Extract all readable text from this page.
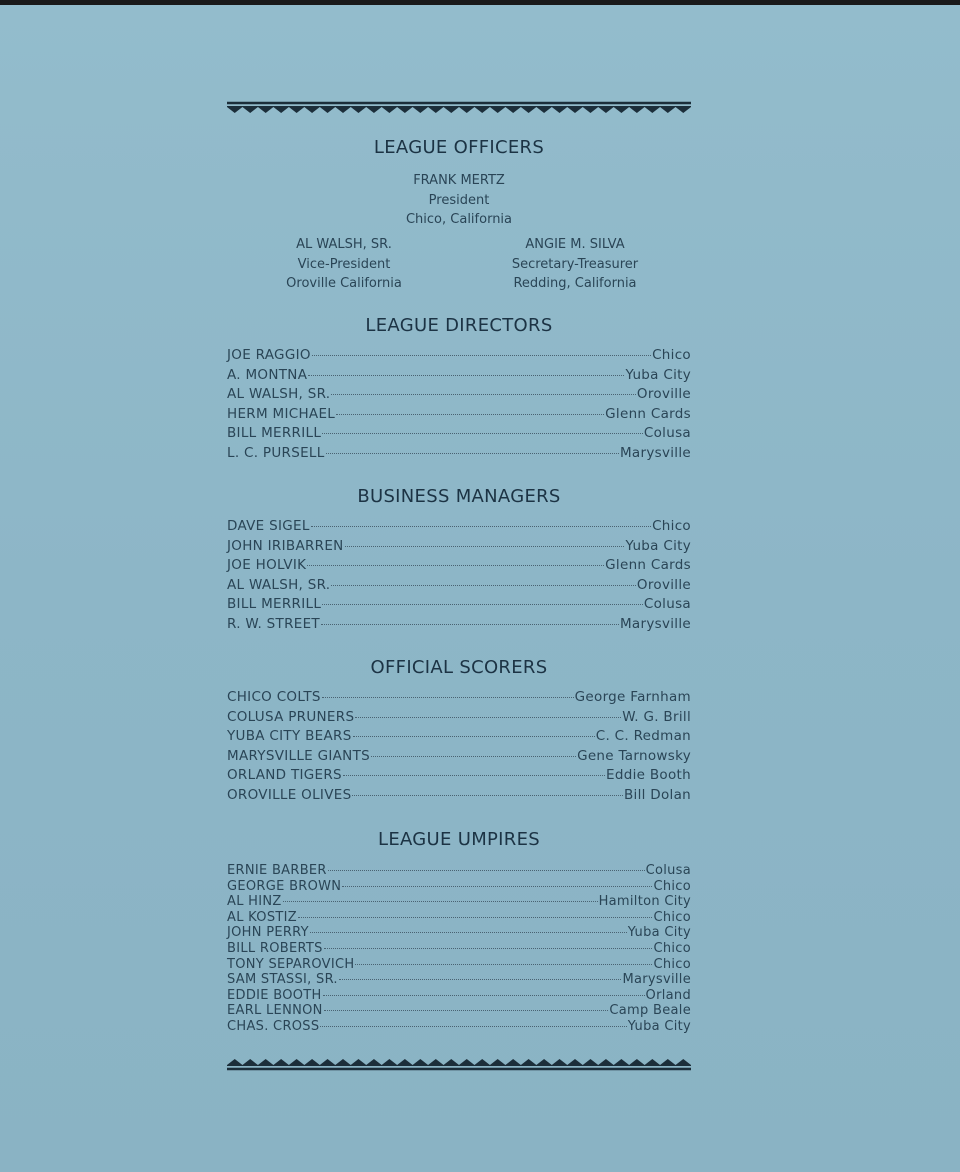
LEAGUE OFFICERS
FRANK MERTZ
President
Chico, California
AL WALSH, SR.
Vice-President
Oroville California
ANGIE M. SILVA
Secretary-Treasurer
Redding, California
LEAGUE DIRECTORS
JOE RAGGIO	Chico
A. MONTNA	Yuba City
AL WALSH, SR.	Oroville
HERM MICHAEL	Glenn Cards
BILL MERRILL	Colusa
L. C. PURSELL	Marysville
BUSINESS MANAGERS
DAVE SIGEL	Chico
JOHN IRIBARREN	Yuba City
JOE HOLVIK	Glenn Cards
AL WALSH, SR.	Oroville
BILL MERRILL	Colusa
R. W. STREET	Marysville
OFFICIAL SCORERS
CHICO COLTS	George Farnham
COLUSA PRUNERS	W. G. Brill
YUBA CITY BEARS	C. C. Redman
MARYSVILLE GIANTS	Gene Tarnowsky
ORLAND TIGERS	Eddie Booth
OROVILLE OLIVES	Bill Dolan
LEAGUE UMPIRES
ERNIE BARBER	Colusa
GEORGE BROWN	Chico
AL HINZ	Hamilton City
AL KOSTIZ	Chico
JOHN PERRY	Yuba City
BILL ROBERTS	Chico
TONY SEPAROVICH	Chico
SAM STASSI, SR.	Marysville
EDDIE BOOTH	Orland
EARL LENNON	Camp Beale
CHAS. CROSS	Yuba City
